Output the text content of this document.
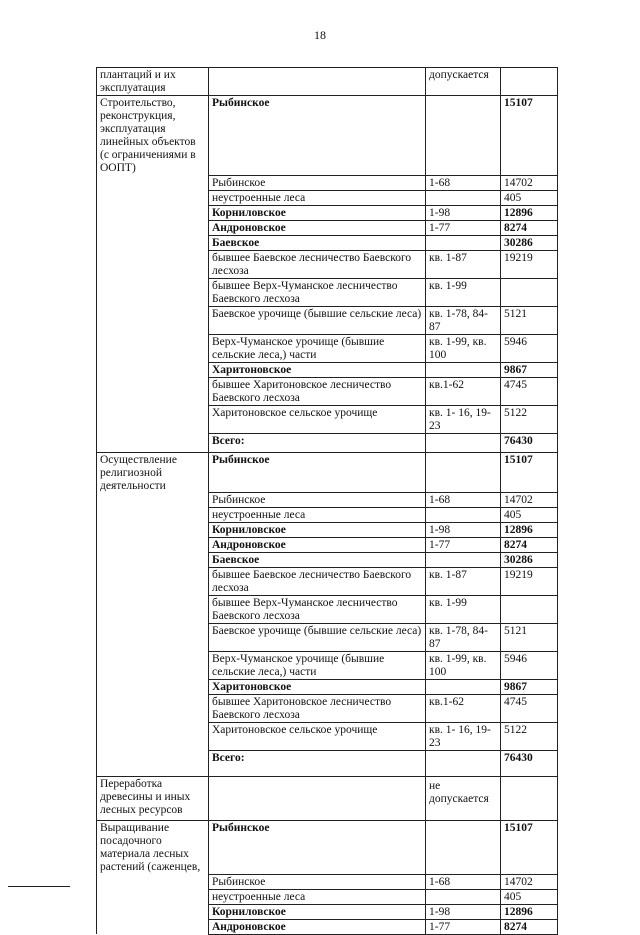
18
плантаций и их эксплуатация		допускается	
Строительство, реконструкция, эксплуатация линейных объектов (с ограничениями в ООПТ)	Рыбинское		15107
	Рыбинское	1-68	14702
	неустроенные леса		405
	Корниловское	1-98	12896
	Андроновское	1-77	8274
	Баевское		30286
	бывшее Баевское лесничество Баевского лесхоза	кв. 1-87	19219
	бывшее Верх-Чуманское лесничество Баевского лесхоза	кв. 1-99	
	Баевское урочище (бывшие сельские леса)	кв. 1-78, 84-87	5121
	Верх-Чуманское урочище (бывшие сельские леса,) части	кв. 1-99, кв. 100	5946
	Харитоновское		9867
	бывшее Харитоновское лесничество Баевского лесхоза	кв.1-62	4745
	Харитоновское сельское урочище	кв. 1- 16, 19-23	5122
	Всего:		76430
Осуществление религиозной деятельности	Рыбинское		15107
	Рыбинское	1-68	14702
	неустроенные леса		405
	Корниловское	1-98	12896
	Андроновское	1-77	8274
	Баевское		30286
	бывшее Баевское лесничество Баевского лесхоза	кв. 1-87	19219
	бывшее Верх-Чуманское лесничество Баевского лесхоза	кв. 1-99	
	Баевское урочище (бывшие сельские леса)	кв. 1-78, 84-87	5121
	Верх-Чуманское урочище (бывшие сельские леса,) части	кв. 1-99, кв. 100	5946
	Харитоновское		9867
	бывшее Харитоновское лесничество Баевского лесхоза	кв.1-62	4745
	Харитоновское сельское урочище	кв. 1- 16, 19-23	5122
	Всего:		76430
Переработка древесины и иных лесных ресурсов		не допускается	
Выращивание посадочного материала лесных растений (саженцев,	Рыбинское		15107
	Рыбинское	1-68	14702
	неустроенные леса		405
	Корниловское	1-98	12896
	Андроновское	1-77	8274
